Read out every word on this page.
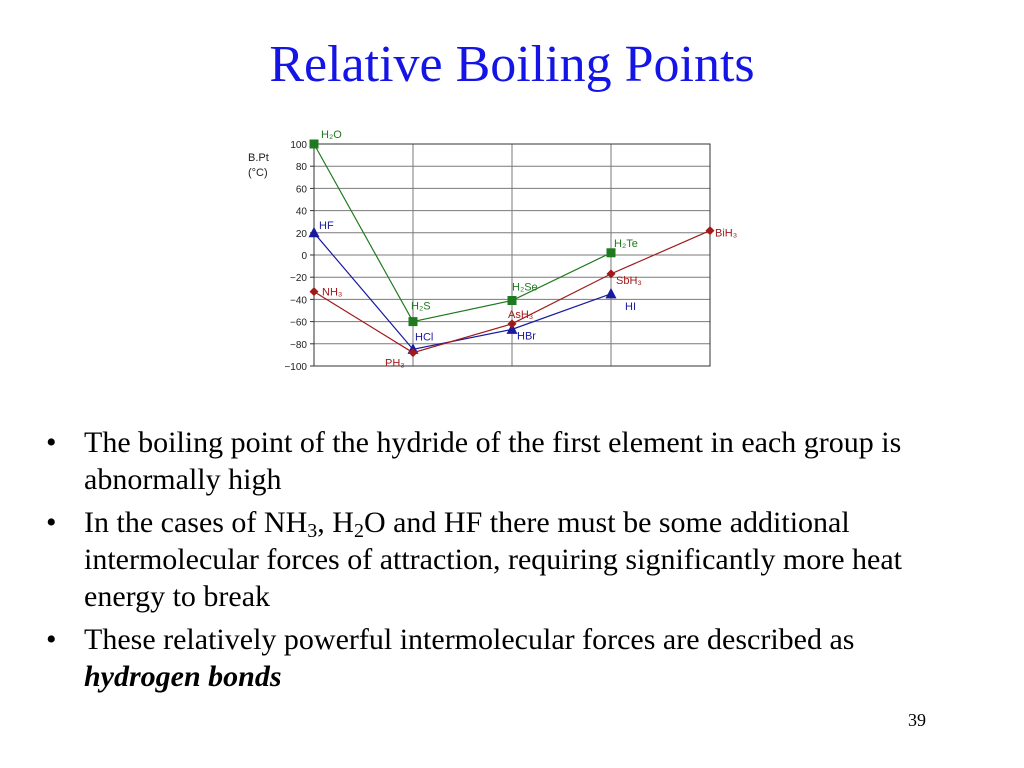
Relative Boiling Points
B.Pt
(°C)
100
80
60
40
20
0
−20
−40
−60
−80
−100
H₂O
H₂S
H₂Se
H₂Te
HF
HCl	HBr
HI
NH₃
PH₃
AsH₃
SbH₃
BiH₃
• The boiling point of the hydride of the first element in each group is abnormally high
• In the cases of $NH_3$, $H_2O$ and HF there must be some additional intermolecular forces of attraction, requiring significantly more heat energy to break
• These relatively powerful intermolecular forces are described as hydrogen bonds
39
